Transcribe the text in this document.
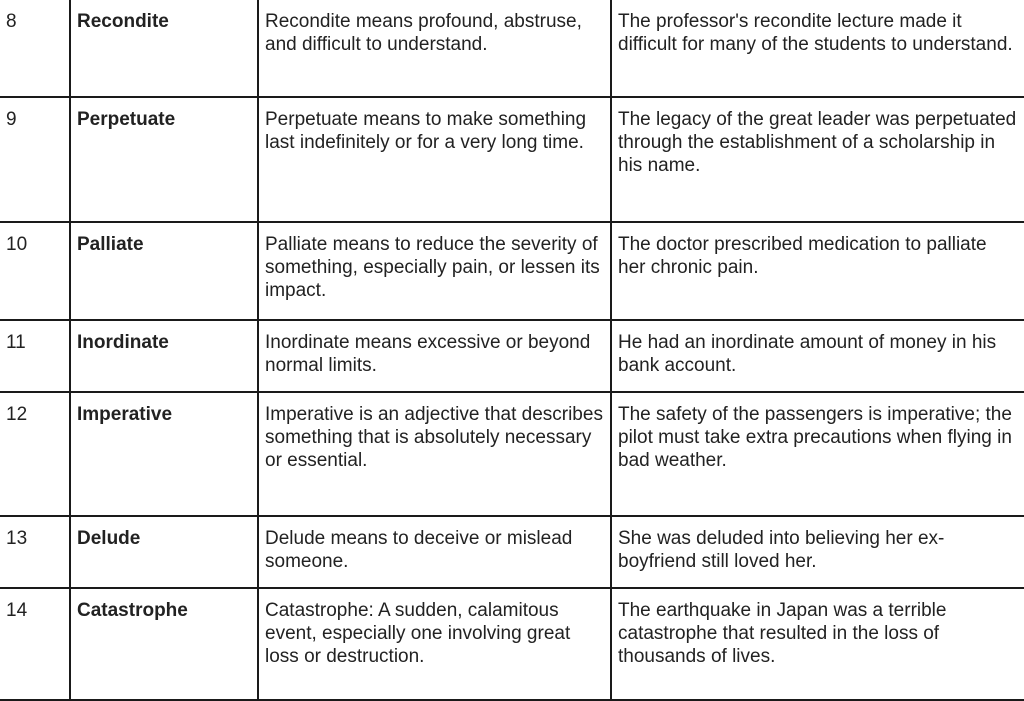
8	Recondite	Recondite means profound, abstruse, and difficult to understand.	The professor's recondite lecture made it difficult for many of the students to understand.
9	Perpetuate	Perpetuate means to make something last indefinitely or for a very long time.	The legacy of the great leader was perpetuated through the establishment of a scholarship in his name.
10	Palliate	Palliate means to reduce the severity of something, especially pain, or lessen its impact.	The doctor prescribed medication to palliate her chronic pain.
11	Inordinate	Inordinate means excessive or beyond normal limits.	He had an inordinate amount of money in his bank account.
12	Imperative	Imperative is an adjective that describes something that is absolutely necessary or essential.	The safety of the passengers is imperative; the pilot must take extra precautions when flying in bad weather.
13	Delude	Delude means to deceive or mislead someone.	She was deluded into believing her ex-boyfriend still loved her.
14	Catastrophe	Catastrophe: A sudden, calamitous event, especially one involving great loss or destruction.	The earthquake in Japan was a terrible catastrophe that resulted in the loss of thousands of lives.
